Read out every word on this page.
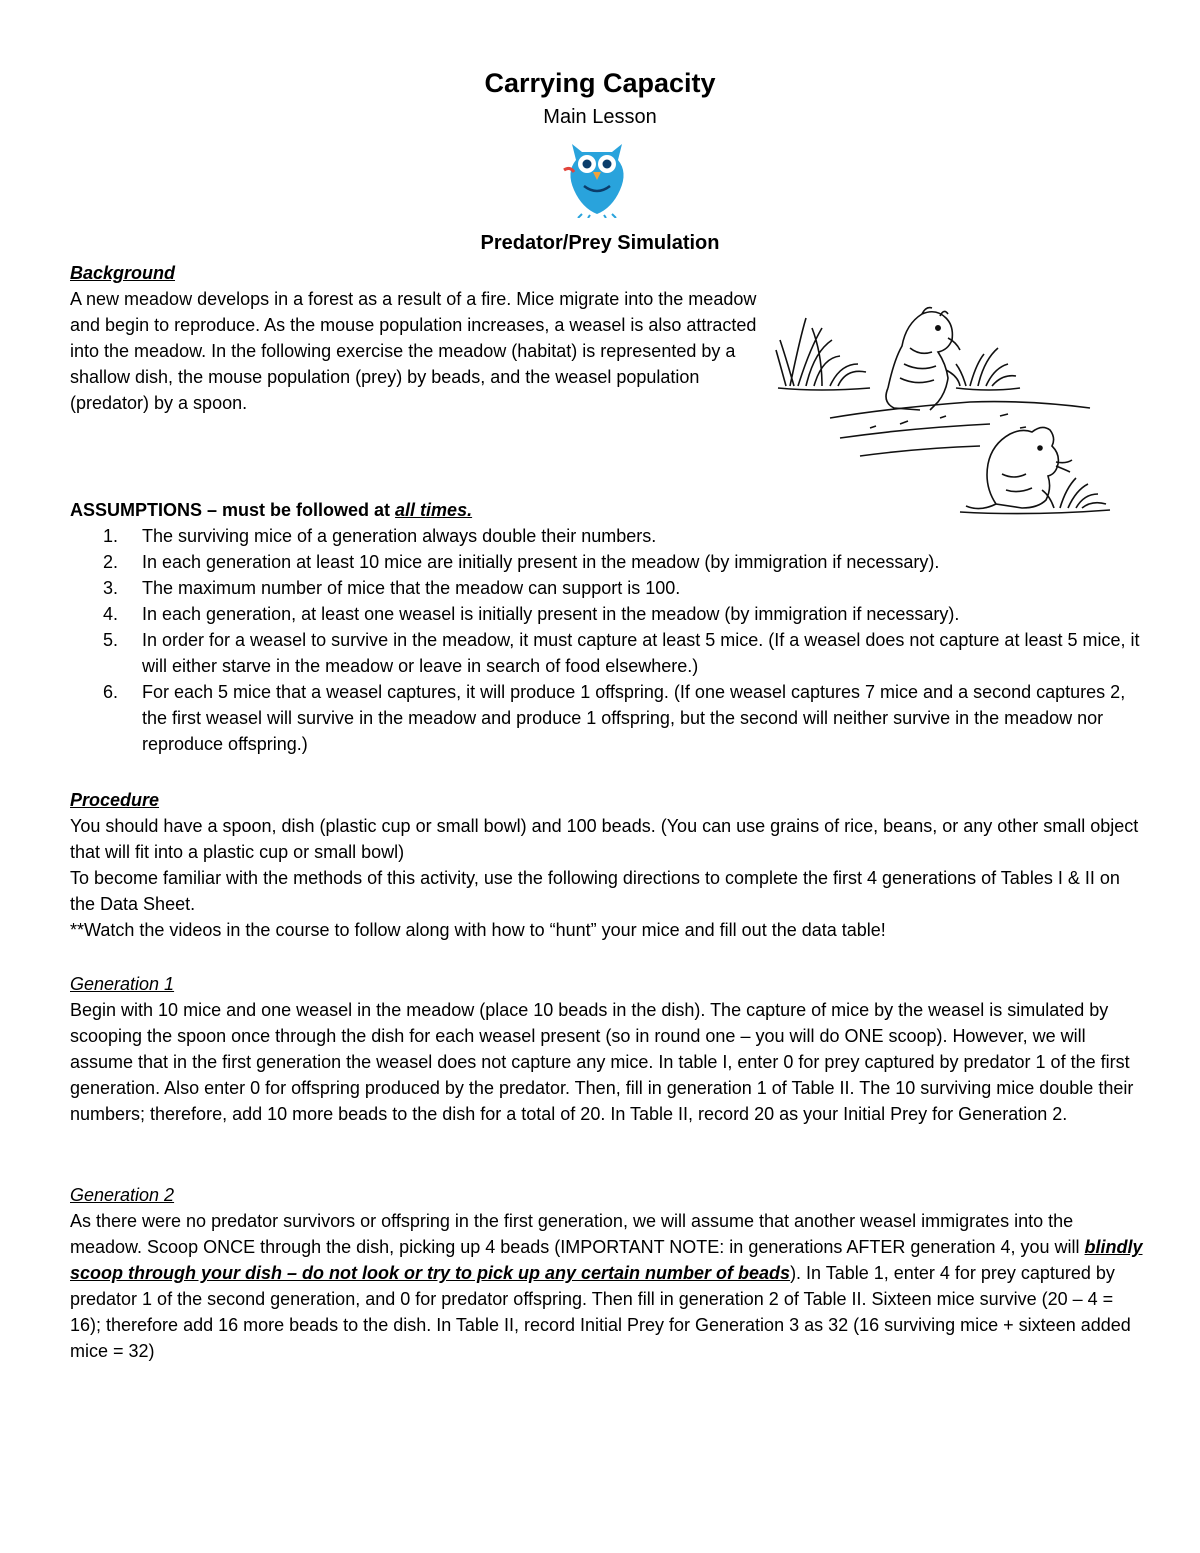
Carrying Capacity
Main Lesson
Predator/Prey Simulation
Background
A new meadow develops in a forest as a result of a fire. Mice migrate into the meadow and begin to reproduce. As the mouse population increases, a weasel is also attracted into the meadow. In the following exercise the meadow (habitat) is represented by a shallow dish, the mouse population (prey) by beads, and the weasel population (predator) by a spoon.
ASSUMPTIONS – must be followed at all times.
1. The surviving mice of a generation always double their numbers.
2. In each generation at least 10 mice are initially present in the meadow (by immigration if necessary).
3. The maximum number of mice that the meadow can support is 100.
4. In each generation, at least one weasel is initially present in the meadow (by immigration if necessary).
5. In order for a weasel to survive in the meadow, it must capture at least 5 mice. (If a weasel does not capture at least 5 mice, it will either starve in the meadow or leave in search of food elsewhere.)
6. For each 5 mice that a weasel captures, it will produce 1 offspring. (If one weasel captures 7 mice and a second captures 2, the first weasel will survive in the meadow and produce 1 offspring, but the second will neither survive in the meadow nor reproduce offspring.)
Procedure
You should have a spoon, dish (plastic cup or small bowl) and 100 beads. (You can use grains of rice, beans, or any other small object that will fit into a plastic cup or small bowl)
To become familiar with the methods of this activity, use the following directions to complete the first 4 generations of Tables I & II on the Data Sheet.
**Watch the videos in the course to follow along with how to “hunt” your mice and fill out the data table!
Generation 1
Begin with 10 mice and one weasel in the meadow (place 10 beads in the dish). The capture of mice by the weasel is simulated by scooping the spoon once through the dish for each weasel present (so in round one – you will do ONE scoop). However, we will assume that in the first generation the weasel does not capture any mice. In table I, enter 0 for prey captured by predator 1 of the first generation. Also enter 0 for offspring produced by the predator. Then, fill in generation 1 of Table II. The 10 surviving mice double their numbers; therefore, add 10 more beads to the dish for a total of 20. In Table II, record 20 as your Initial Prey for Generation 2.
Generation 2
As there were no predator survivors or offspring in the first generation, we will assume that another weasel immigrates into the meadow. Scoop ONCE through the dish, picking up 4 beads (IMPORTANT NOTE: in generations AFTER generation 4, you will blindly scoop through your dish – do not look or try to pick up any certain number of beads). In Table 1, enter 4 for prey captured by predator 1 of the second generation, and 0 for predator offspring. Then fill in generation 2 of Table II. Sixteen mice survive (20 – 4 = 16); therefore add 16 more beads to the dish. In Table II, record Initial Prey for Generation 3 as 32 (16 surviving mice + sixteen added mice = 32)
